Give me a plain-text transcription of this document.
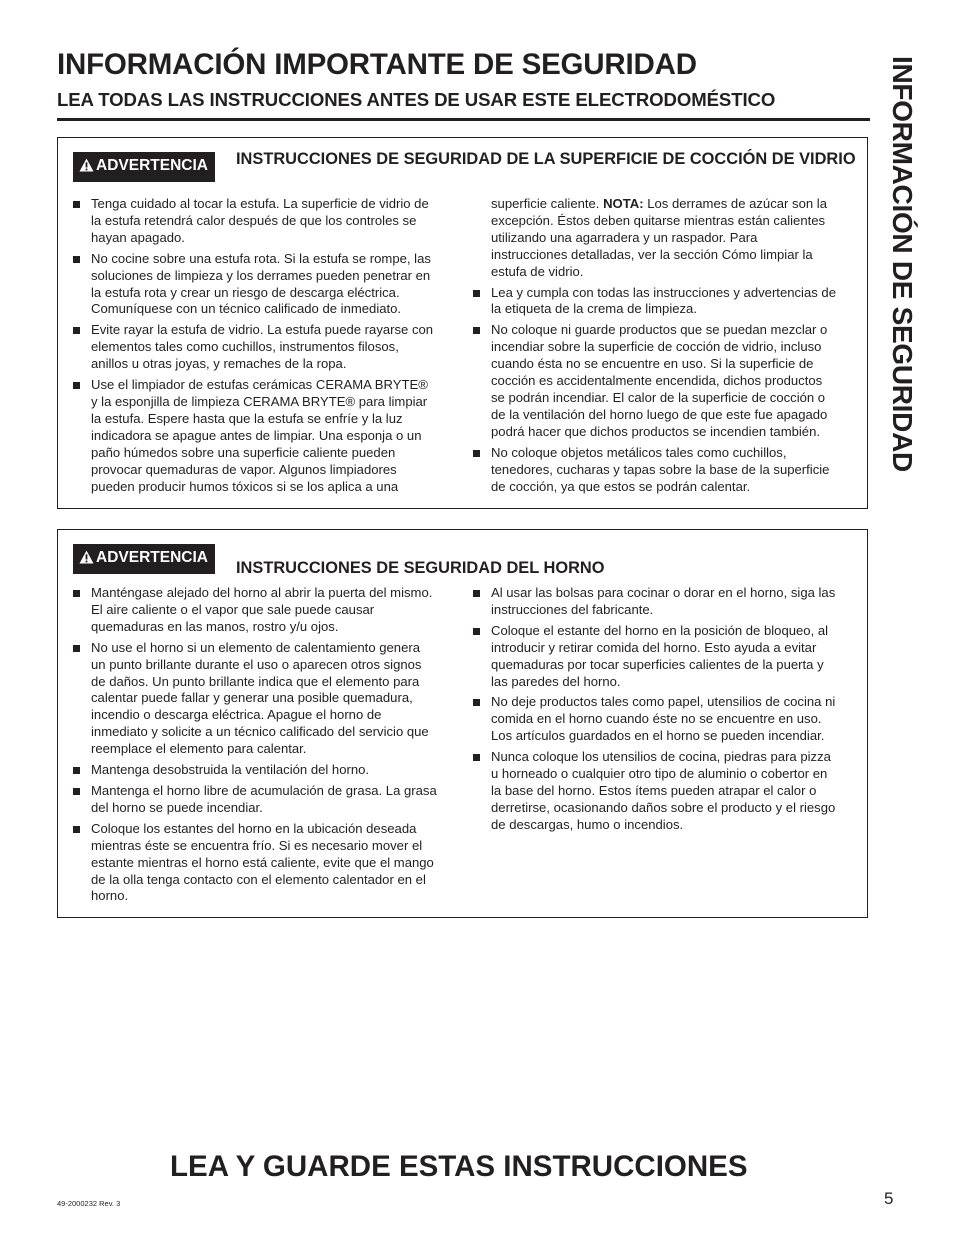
INFORMACIÓN IMPORTANTE DE SEGURIDAD
LEA TODAS LAS INSTRUCCIONES ANTES DE USAR ESTE ELECTRODOMÉSTICO	INFORMACIÓN DE SEGURIDAD
ADVERTENCIA	INSTRUCCIONES DE SEGURIDAD DE LA SUPERFICIE DE COCCIÓN DE VIDRIO
Tenga cuidado al tocar la estufa. La superficie de vidrio de la estufa retendrá calor después de que los controles se hayan apagado.
No cocine sobre una estufa rota. Si la estufa se rompe, las soluciones de limpieza y los derrames pueden penetrar en la estufa rota y crear un riesgo de descarga eléctrica. Comuníquese con un técnico calificado de inmediato.
Evite rayar la estufa de vidrio. La estufa puede rayarse con elementos tales como cuchillos, instrumentos filosos, anillos u otras joyas, y remaches de la ropa.
Use el limpiador de estufas cerámicas CERAMA BRYTE® y la esponjilla de limpieza CERAMA BRYTE® para limpiar la estufa. Espere hasta que la estufa se enfríe y la luz indicadora se apague antes de limpiar. Una esponja o un paño húmedos sobre una superficie caliente pueden provocar quemaduras de vapor. Algunos limpiadores pueden producir humos tóxicos si se los aplica a una
superficie caliente. NOTA: Los derrames de azúcar son la excepción. Éstos deben quitarse mientras están calientes utilizando una agarradera y un raspador. Para instrucciones detalladas, ver la sección Cómo limpiar la estufa de vidrio.
Lea y cumpla con todas las instrucciones y advertencias de la etiqueta de la crema de limpieza.
No coloque ni guarde productos que se puedan mezclar o incendiar sobre la superficie de cocción de vidrio, incluso cuando ésta no se encuentre en uso. Si la superficie de cocción es accidentalmente encendida, dichos productos se podrán incendiar. El calor de la superficie de cocción o de la ventilación del horno luego de que este fue apagado podrá hacer que dichos productos se incendien también.
No coloque objetos metálicos tales como cuchillos, tenedores, cucharas y tapas sobre la base de la superficie de cocción, ya que estos se podrán calentar.
ADVERTENCIA
INSTRUCCIONES DE SEGURIDAD DEL HORNO
Manténgase alejado del horno al abrir la puerta del mismo. El aire caliente o el vapor que sale puede causar quemaduras en las manos, rostro y/u ojos.
No use el horno si un elemento de calentamiento genera un punto brillante durante el uso o aparecen otros signos de daños. Un punto brillante indica que el elemento para calentar puede fallar y generar una posible quemadura, incendio o descarga eléctrica. Apague el horno de inmediato y solicite a un técnico calificado del servicio que reemplace el elemento para calentar.
Mantenga desobstruida la ventilación del horno.
Mantenga el horno libre de acumulación de grasa. La grasa del horno se puede incendiar.
Coloque los estantes del horno en la ubicación deseada mientras éste se encuentra frío. Si es necesario mover el estante mientras el horno está caliente, evite que el mango de la olla tenga contacto con el elemento calentador en el horno.
Al usar las bolsas para cocinar o dorar en el horno, siga las instrucciones del fabricante.
Coloque el estante del horno en la posición de bloqueo, al introducir y retirar comida del horno. Esto ayuda a evitar quemaduras por tocar superficies calientes de la puerta y las paredes del horno.
No deje productos tales como papel, utensilios de cocina ni comida en el horno cuando éste no se encuentre en uso. Los artículos guardados en el horno se pueden incendiar.
Nunca coloque los utensilios de cocina, piedras para pizza u horneado o cualquier otro tipo de aluminio o cobertor en la base del horno. Estos ítems pueden atrapar el calor o derretirse, ocasionando daños sobre el producto y el riesgo de descargas, humo o incendios.
LEA Y GUARDE ESTAS INSTRUCCIONES
49-2000232 Rev. 3	5
